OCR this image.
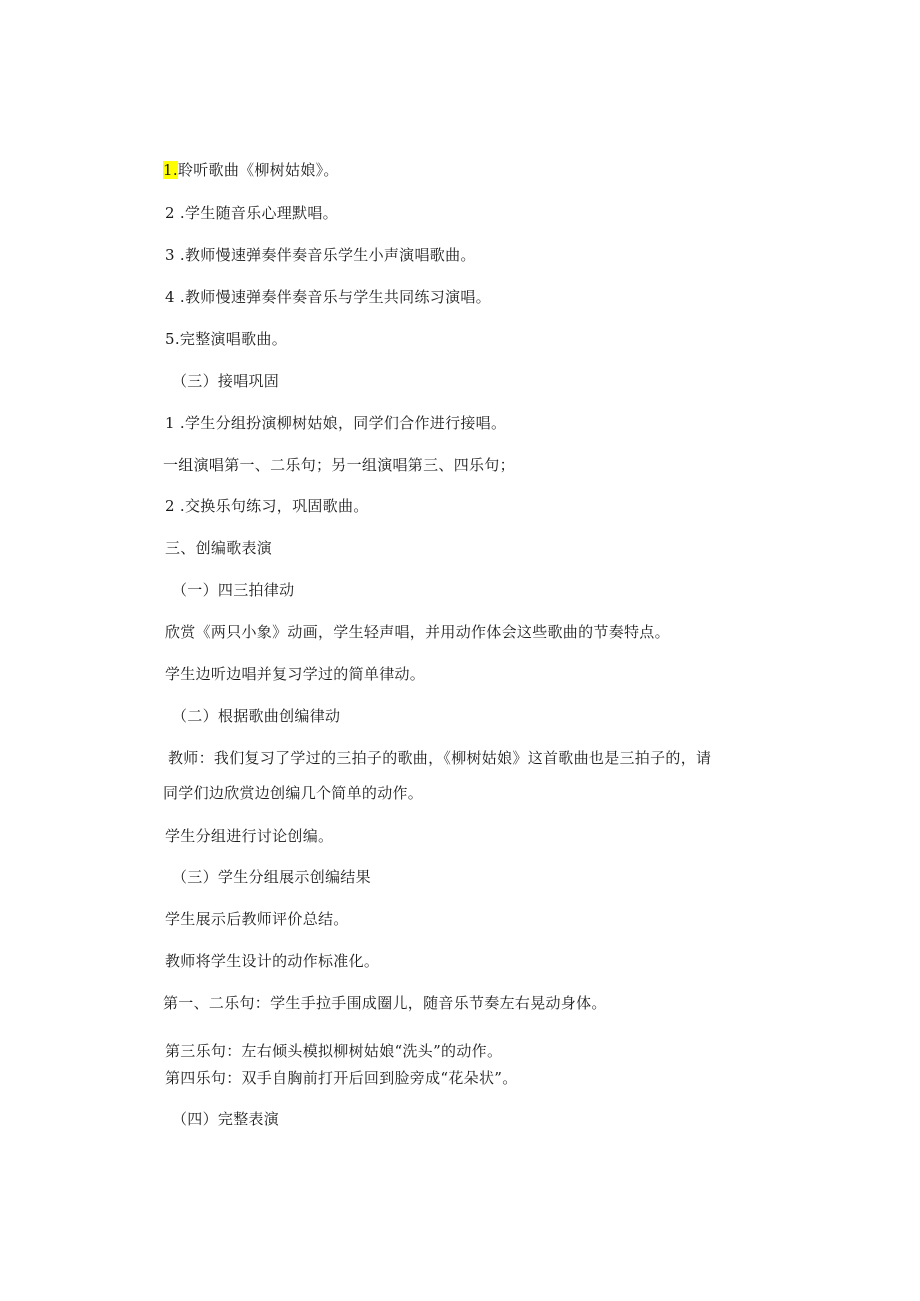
1.聆听歌曲《柳树姑娘》。
2 .学生随音乐心理默唱。
3 .教师慢速弹奏伴奏音乐学生小声演唱歌曲。
4 .教师慢速弹奏伴奏音乐与学生共同练习演唱。
5.完整演唱歌曲。
（三）接唱巩固
1 .学生分组扮演柳树姑娘，同学们合作进行接唱。
一组演唱第一、二乐句；另一组演唱第三、四乐句；
2 .交换乐句练习，巩固歌曲。
三、创编歌表演
（一）四三拍律动
欣赏《两只小象》动画，学生轻声唱，并用动作体会这些歌曲的节奏特点。
学生边听边唱并复习学过的简单律动。
（二）根据歌曲创编律动
教师：我们复习了学过的三拍子的歌曲，《柳树姑娘》这首歌曲也是三拍子的，请
同学们边欣赏边创编几个简单的动作。
学生分组进行讨论创编。
（三）学生分组展示创编结果
学生展示后教师评价总结。
教师将学生设计的动作标准化。
第一、二乐句：学生手拉手围成圈儿，随音乐节奏左右晃动身体。
第三乐句：左右倾头模拟柳树姑娘“洗头”的动作。
第四乐句：双手自胸前打开后回到脸旁成“花朵状”。
（四）完整表演
